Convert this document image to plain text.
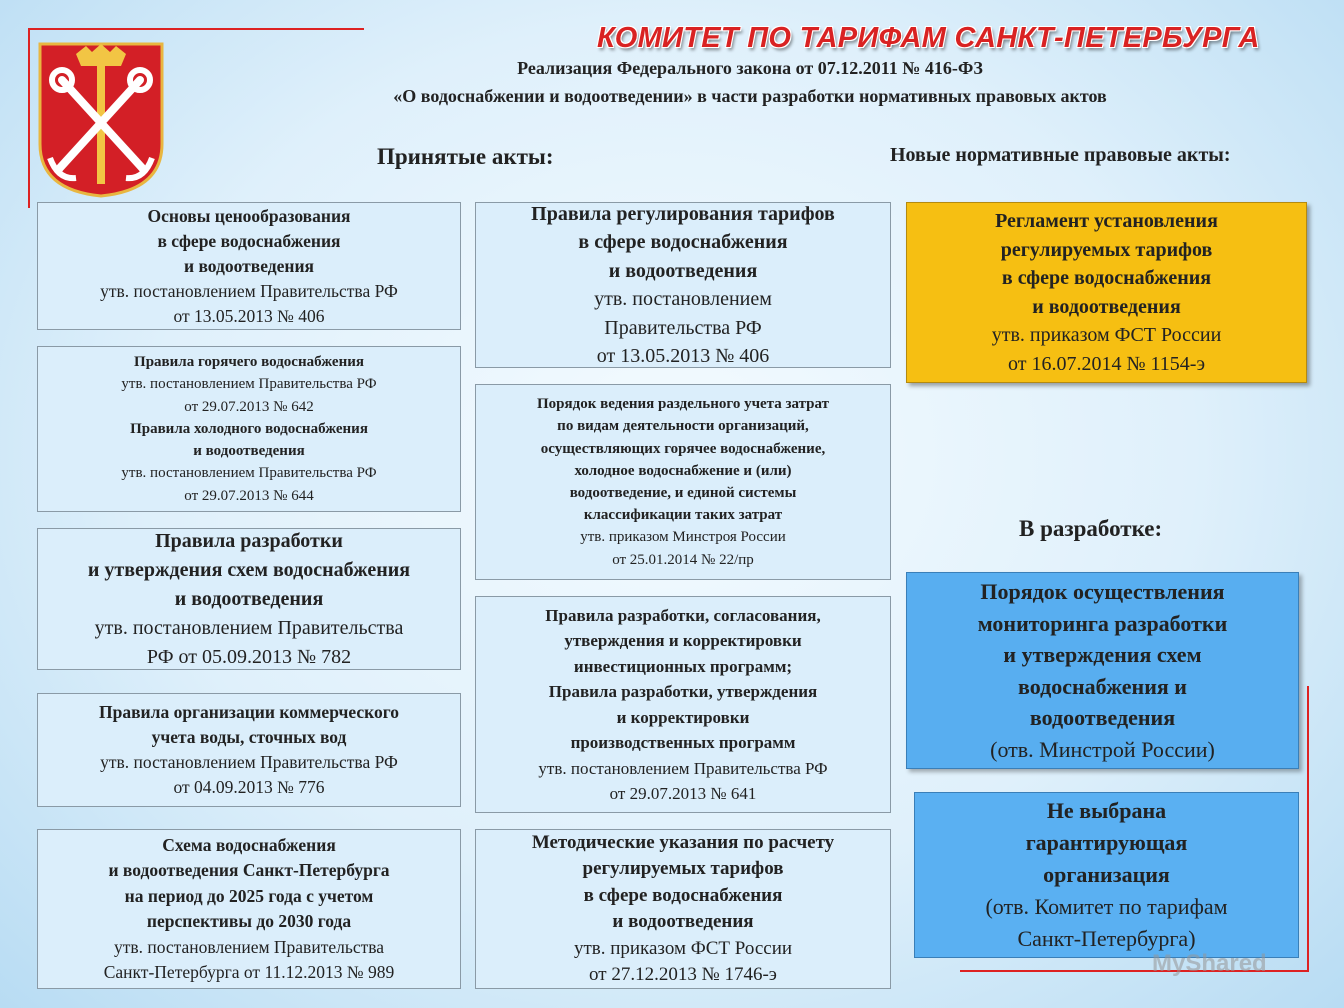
КОМИТЕТ ПО ТАРИФАМ САНКТ-ПЕТЕРБУРГА
Реализация Федерального закона от 07.12.2011 № 416-ФЗ
«О водоснабжении и водоотведении» в части разработки нормативных правовых актов
Принятые акты:	Новые нормативные правовые акты:
В разработке:
Основы ценообразования
в сфере водоснабжения
и водоотведения
утв. постановлением Правительства РФ
от 13.05.2013 № 406
Правила горячего водоснабжения
утв. постановлением Правительства РФ
от 29.07.2013 № 642
Правила холодного водоснабжения
и водоотведения
утв. постановлением Правительства РФ
от 29.07.2013 № 644
Правила разработки
и утверждения схем водоснабжения
и водоотведения
утв. постановлением Правительства
РФ от 05.09.2013 № 782
Правила организации коммерческого
учета воды, сточных вод
утв. постановлением Правительства РФ
от 04.09.2013 № 776
Схема водоснабжения
и водоотведения Санкт-Петербурга
на период до 2025 года с учетом
перспективы до 2030 года
утв. постановлением Правительства
Санкт-Петербурга от 11.12.2013 № 989
Правила регулирования тарифов
в сфере водоснабжения
и водоотведения
утв. постановлением
Правительства РФ
от 13.05.2013 № 406
Порядок ведения раздельного учета затрат
по видам деятельности организаций,
осуществляющих горячее водоснабжение,
холодное водоснабжение и (или)
водоотведение, и единой системы
классификации таких затрат
утв. приказом Минстроя России
от 25.01.2014 № 22/пр
Правила разработки, согласования,
утверждения и корректировки
инвестиционных программ;
Правила разработки, утверждения
и корректировки
производственных программ
утв. постановлением Правительства РФ
от 29.07.2013 № 641
Методические указания по расчету
регулируемых тарифов
в сфере водоснабжения
и водоотведения
утв. приказом ФСТ России
от 27.12.2013 № 1746-э
Регламент установления
регулируемых тарифов
в сфере водоснабжения
и водоотведения
утв. приказом ФСТ России
от 16.07.2014 № 1154-э
Порядок осуществления
мониторинга разработки
и утверждения схем
водоснабжения и
водоотведения
(отв. Минстрой России)
Не выбрана
гарантирующая
организация
(отв. Комитет по тарифам
Санкт-Петербурга)
MyShared
